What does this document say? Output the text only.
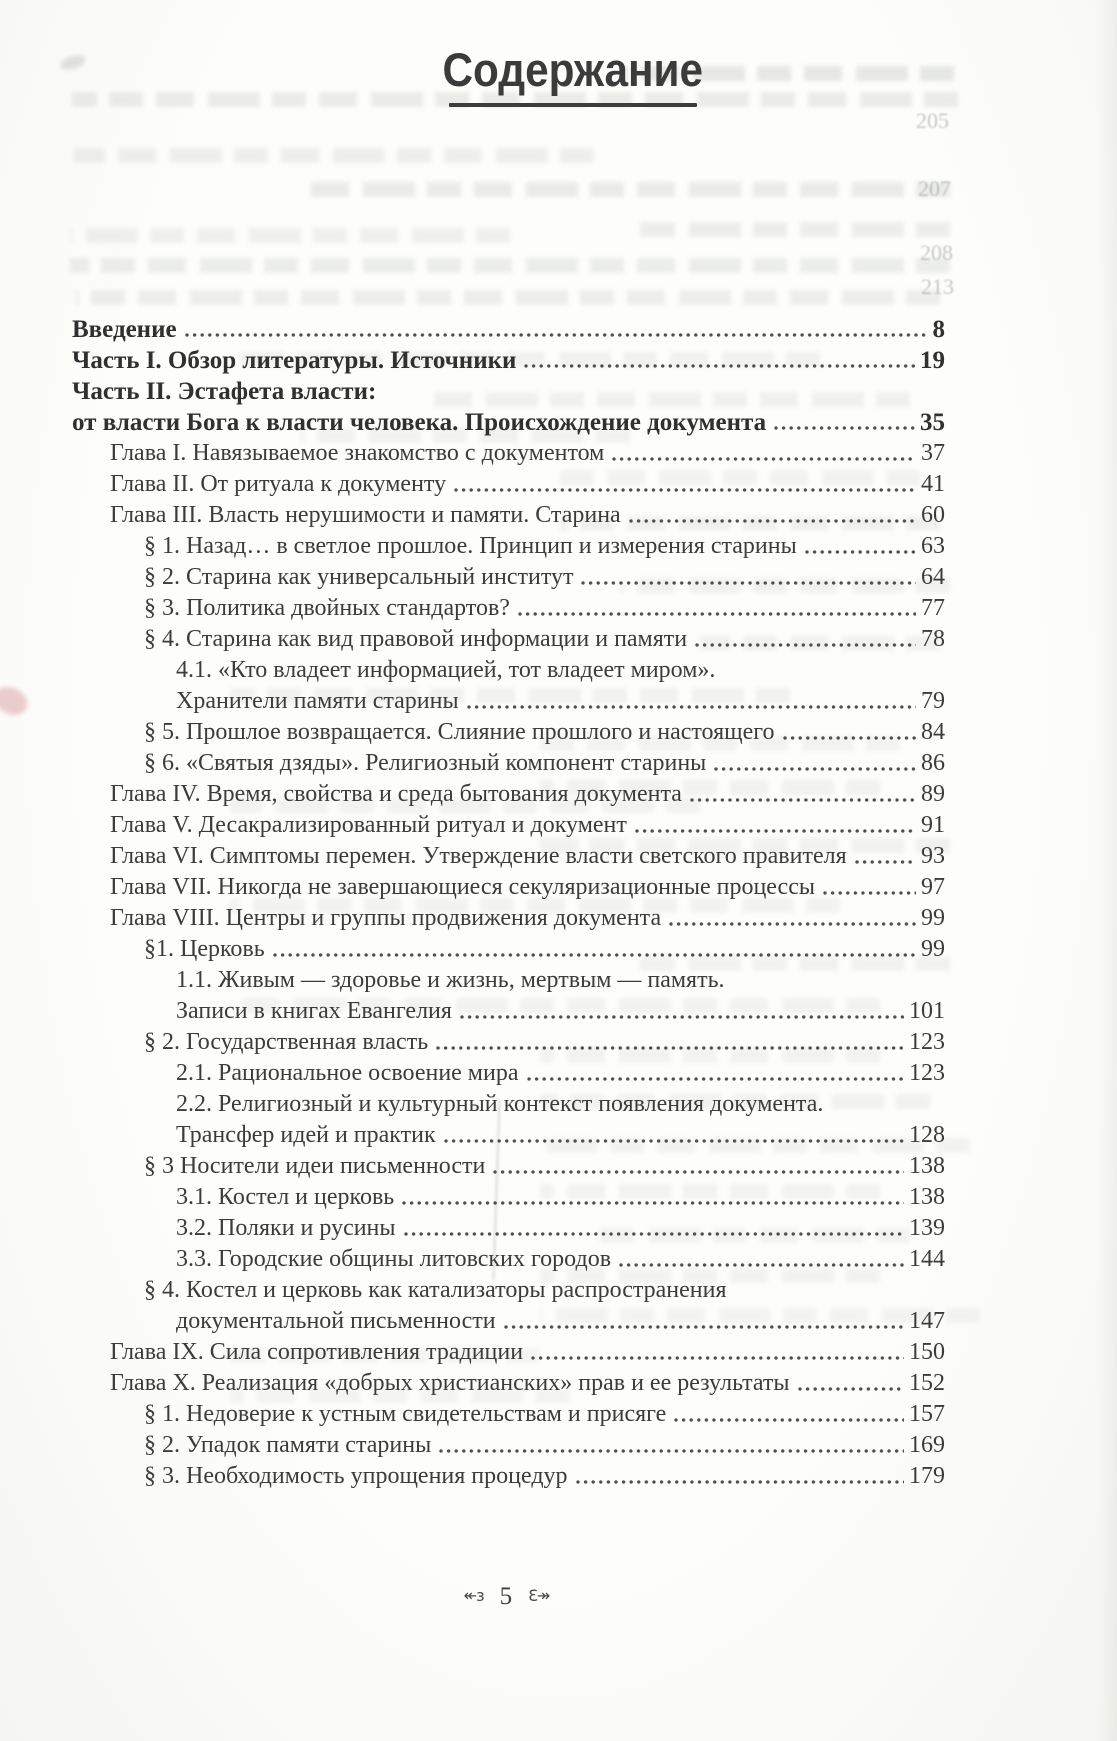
205
207
208
213
Содержание
Введение	8
Часть I. Обзор литературы. Источники	19
Часть II. Эстафета власти:
от власти Бога к власти человека. Происхождение документа	35
Глава I. Навязываемое знакомство с документом	37
Глава II. От ритуала к документу	41
Глава III. Власть нерушимости и памяти. Старина	60
§ 1. Назад… в светлое прошлое. Принцип и измерения старины	63
§ 2. Старина как универсальный институт	64
§ 3. Политика двойных стандартов?	77
§ 4. Старина как вид правовой информации и памяти	78
4.1. «Кто владеет информацией, тот владеет миром».
Хранители памяти старины	79
§ 5. Прошлое возвращается. Слияние прошлого и настоящего	84
§ 6. «Святыя дзяды». Религиозный компонент старины	86
Глава IV. Время, свойства и среда бытования документа	89
Глава V. Десакрализированный ритуал и документ	91
Глава VI. Симптомы перемен. Утверждение власти светского правителя	93
Глава VII. Никогда не завершающиеся секуляризационные процессы	97
Глава VIII. Центры и группы продвижения документа	99
§1. Церковь	99
1.1. Живым — здоровье и жизнь, мертвым — память.
Записи в книгах Евангелия	101
§ 2. Государственная власть	123
2.1. Рациональное освоение мира	123
2.2. Религиозный и культурный контекст появления документа.
Трансфер идей и практик	128
§ 3 Носители идеи письменности	138
3.1. Костел и церковь	138
3.2. Поляки и русины	139
3.3. Городские общины литовских городов	144
§ 4. Костел и церковь как катализаторы распространения
документальной письменности	147
Глава IX. Сила сопротивления традиции	150
Глава X. Реализация «добрых христианских» прав и ее результаты	152
§ 1. Недоверие к устным свидетельствам и присяге	157
§ 2. Упадок памяти старины	169
§ 3. Необходимость упрощения процедур	179
↞ɜ 5 Ɛ↠
